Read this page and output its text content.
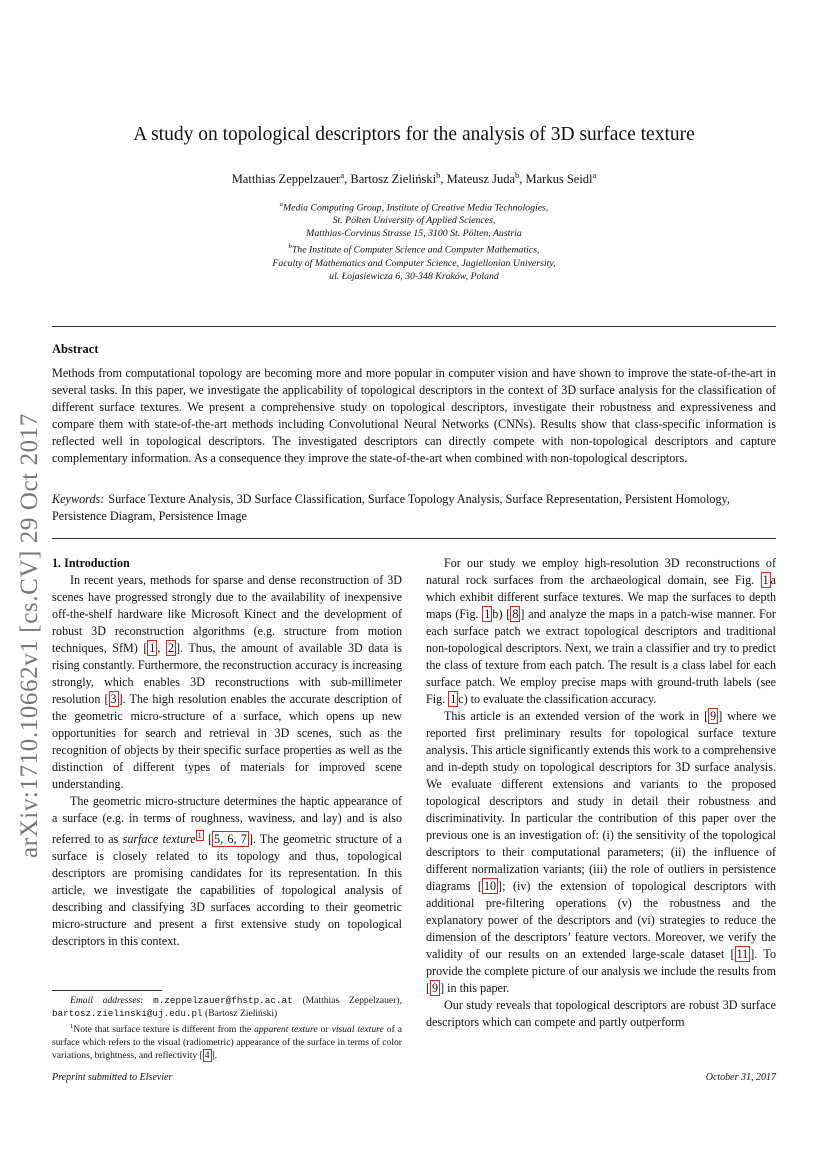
arXiv:1710.10662v1 [cs.CV] 29 Oct 2017
A study on topological descriptors for the analysis of 3D surface texture
Matthias Zeppelzauer$^a$, Bartosz Zieliński$^b$, Mateusz Juda$^b$, Markus Seidl$^a$
$^a$Media Computing Group, Institute of Creative Media Technologies,
St. Pölten University of Applied Sciences,
Matthias-Corvinus Strasse 15, 3100 St. Pölten, Austria
$^b$The Institute of Computer Science and Computer Mathematics,
Faculty of Mathematics and Computer Science, Jagiellonian University,
ul. Łojasiewicza 6, 30-348 Kraków, Poland
Abstract
Methods from computational topology are becoming more and more popular in computer vision and have shown to improve the state-of-the-art in several tasks. In this paper, we investigate the applicability of topological descriptors in the context of 3D surface analysis for the classification of different surface textures. We present a comprehensive study on topological descriptors, investigate their robustness and expressiveness and compare them with state-of-the-art methods including Convolutional Neural Networks (CNNs). Results show that class-specific information is reflected well in topological descriptors. The investigated descriptors can directly compete with non-topological descriptors and capture complementary information. As a consequence they improve the state-of-the-art when combined with non-topological descriptors.
Keywords: Surface Texture Analysis, 3D Surface Classification, Surface Topology Analysis, Surface Representation, Persistent Homology, Persistence Diagram, Persistence Image

1. Introduction

In recent years, methods for sparse and dense reconstruction of 3D scenes have progressed strongly due to the availability of inexpensive off-the-shelf hardware like Microsoft Kinect and the development of robust 3D reconstruction algorithms (e.g. structure from motion techniques, SfM) [ 1 , 2 ]. Thus, the amount of available 3D data is rising constantly. Furthermore, the reconstruction accuracy is increasing strongly, which enables 3D reconstructions with sub-millimeter resolution [ 3 ]. The high resolution enables the accurate description of the geometric micro-structure of a surface, which opens up new opportunities for search and retrieval in 3D scenes, such as the recognition of objects by their specific surface properties as well as the distinction of different types of materials for improved scene understanding.

The geometric micro-structure determines the haptic appearance of a surface (e.g. in terms of roughness, waviness, and lay) and is also referred to as surface texture $^1$ [ 5, 6, 7 ]. The geometric structure of a surface is closely related to its topology and thus, topological descriptors are promising candidates for its representation. In this article, we investigate the capabilities of topological analysis of describing and classifying 3D surfaces according to their geometric micro-structure and present a first extensive study on topological descriptors in this context.

Email addresses: m.zeppelzauer@fhstp.ac.at (Matthias Zeppelzauer), bartosz.zielinski@uj.edu.pl (Bartosz Zieliński)

$^1$Note that surface texture is different from the apparent texture or visual texture of a surface which refers to the visual (radiometric) appearance of the surface in terms of color variations, brightness, and reflectivity [ 4 ].

For our study we employ high-resolution 3D reconstructions of natural rock surfaces from the archaeological domain, see Fig. 1 a which exhibit different surface textures. We map the surfaces to depth maps (Fig. 1 b) [ 8 ] and analyze the maps in a patch-wise manner. For each surface patch we extract topological descriptors and traditional non-topological descriptors. Next, we train a classifier and try to predict the class of texture from each patch. The result is a class label for each surface patch. We employ precise maps with ground-truth labels (see Fig. 1 c) to evaluate the classification accuracy.

This article is an extended version of the work in [ 9 ] where we reported first preliminary results for topological surface texture analysis. This article significantly extends this work to a comprehensive and in-depth study on topological descriptors for 3D surface analysis. We evaluate different extensions and variants to the proposed topological descriptors and study in detail their robustness and discriminativity. In particular the contribution of this paper over the previous one is an investigation of: (i) the sensitivity of the topological descriptors to their computational parameters; (ii) the influence of different normalization variants; (iii) the role of outliers in persistence diagrams [ 10 ]; (iv) the extension of topological descriptors with additional pre-filtering operations (v) the robustness and the explanatory power of the descriptors and (vi) strategies to reduce the dimension of the descriptors’ feature vectors. Moreover, we verify the validity of our results on an extended large-scale dataset [ 11 ]. To provide the complete picture of our analysis we include the results from [ 9 ] in this paper.

Our study reveals that topological descriptors are robust 3D surface descriptors which can compete and partly outperform

Preprint submitted to Elsevier	October 31, 2017
